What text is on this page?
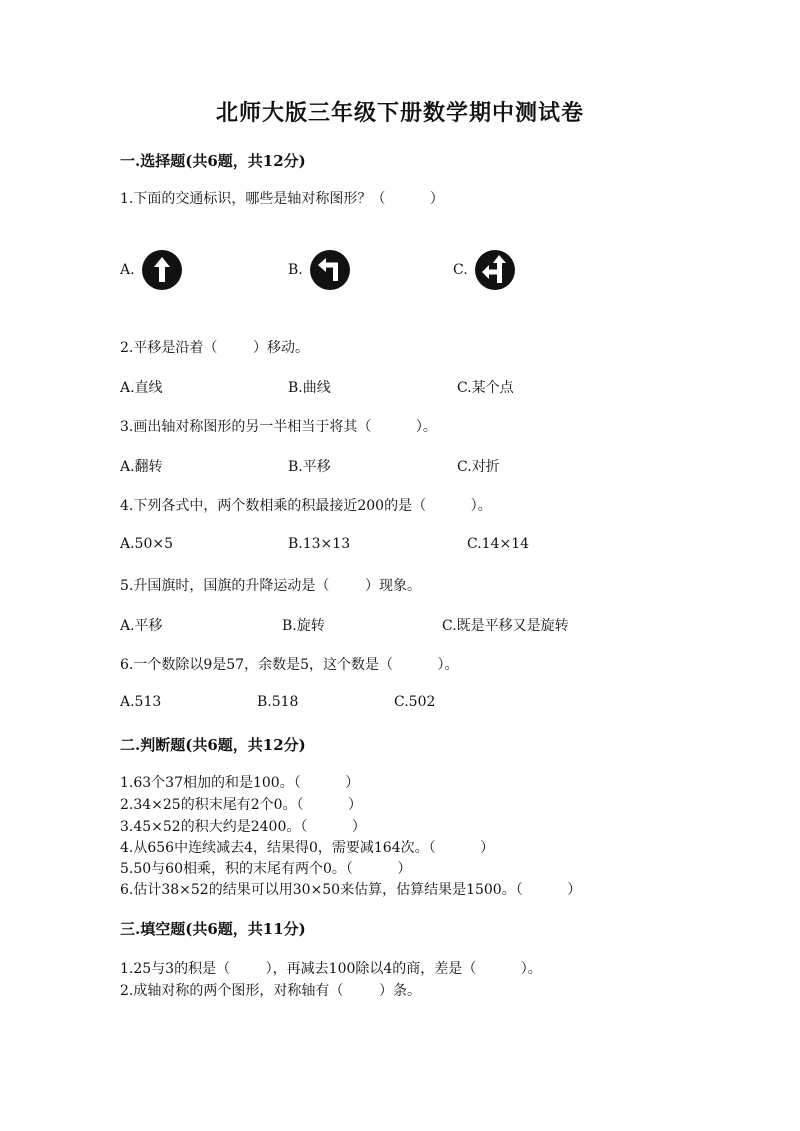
北师大版三年级下册数学期中测试卷
一.选择题(共6题，共12分)
1.下面的交通标识，哪些是轴对称图形？（          ）
A.	B.	C.
2.平移是沿着（        ）移动。
A.直线	B.曲线	C.某个点
3.画出轴对称图形的另一半相当于将其（          ）。
A.翻转	B.平移	C.对折
4.下列各式中，两个数相乘的积最接近200的是（          ）。
A.50×5	B.13×13	C.14×14
5.升国旗时，国旗的升降运动是（        ）现象。
A.平移	B.旋转	C.既是平移又是旋转
6.一个数除以9是57，余数是5，这个数是（          ）。
A.513	B.518	C.502
二.判断题(共6题，共12分)
1.63个37相加的和是100。（          ）
2.34×25的积末尾有2个0。（          ）
3.45×52的积大约是2400。（          ）
4.从656中连续减去4，结果得0，需要减164次。（          ）
5.50与60相乘，积的末尾有两个0。（          ）
6.估计38×52的结果可以用30×50来估算，估算结果是1500。（          ）
三.填空题(共6题，共11分)
1.25与3的积是（        ），再减去100除以4的商，差是（          ）。
2.成轴对称的两个图形，对称轴有（        ）条。
